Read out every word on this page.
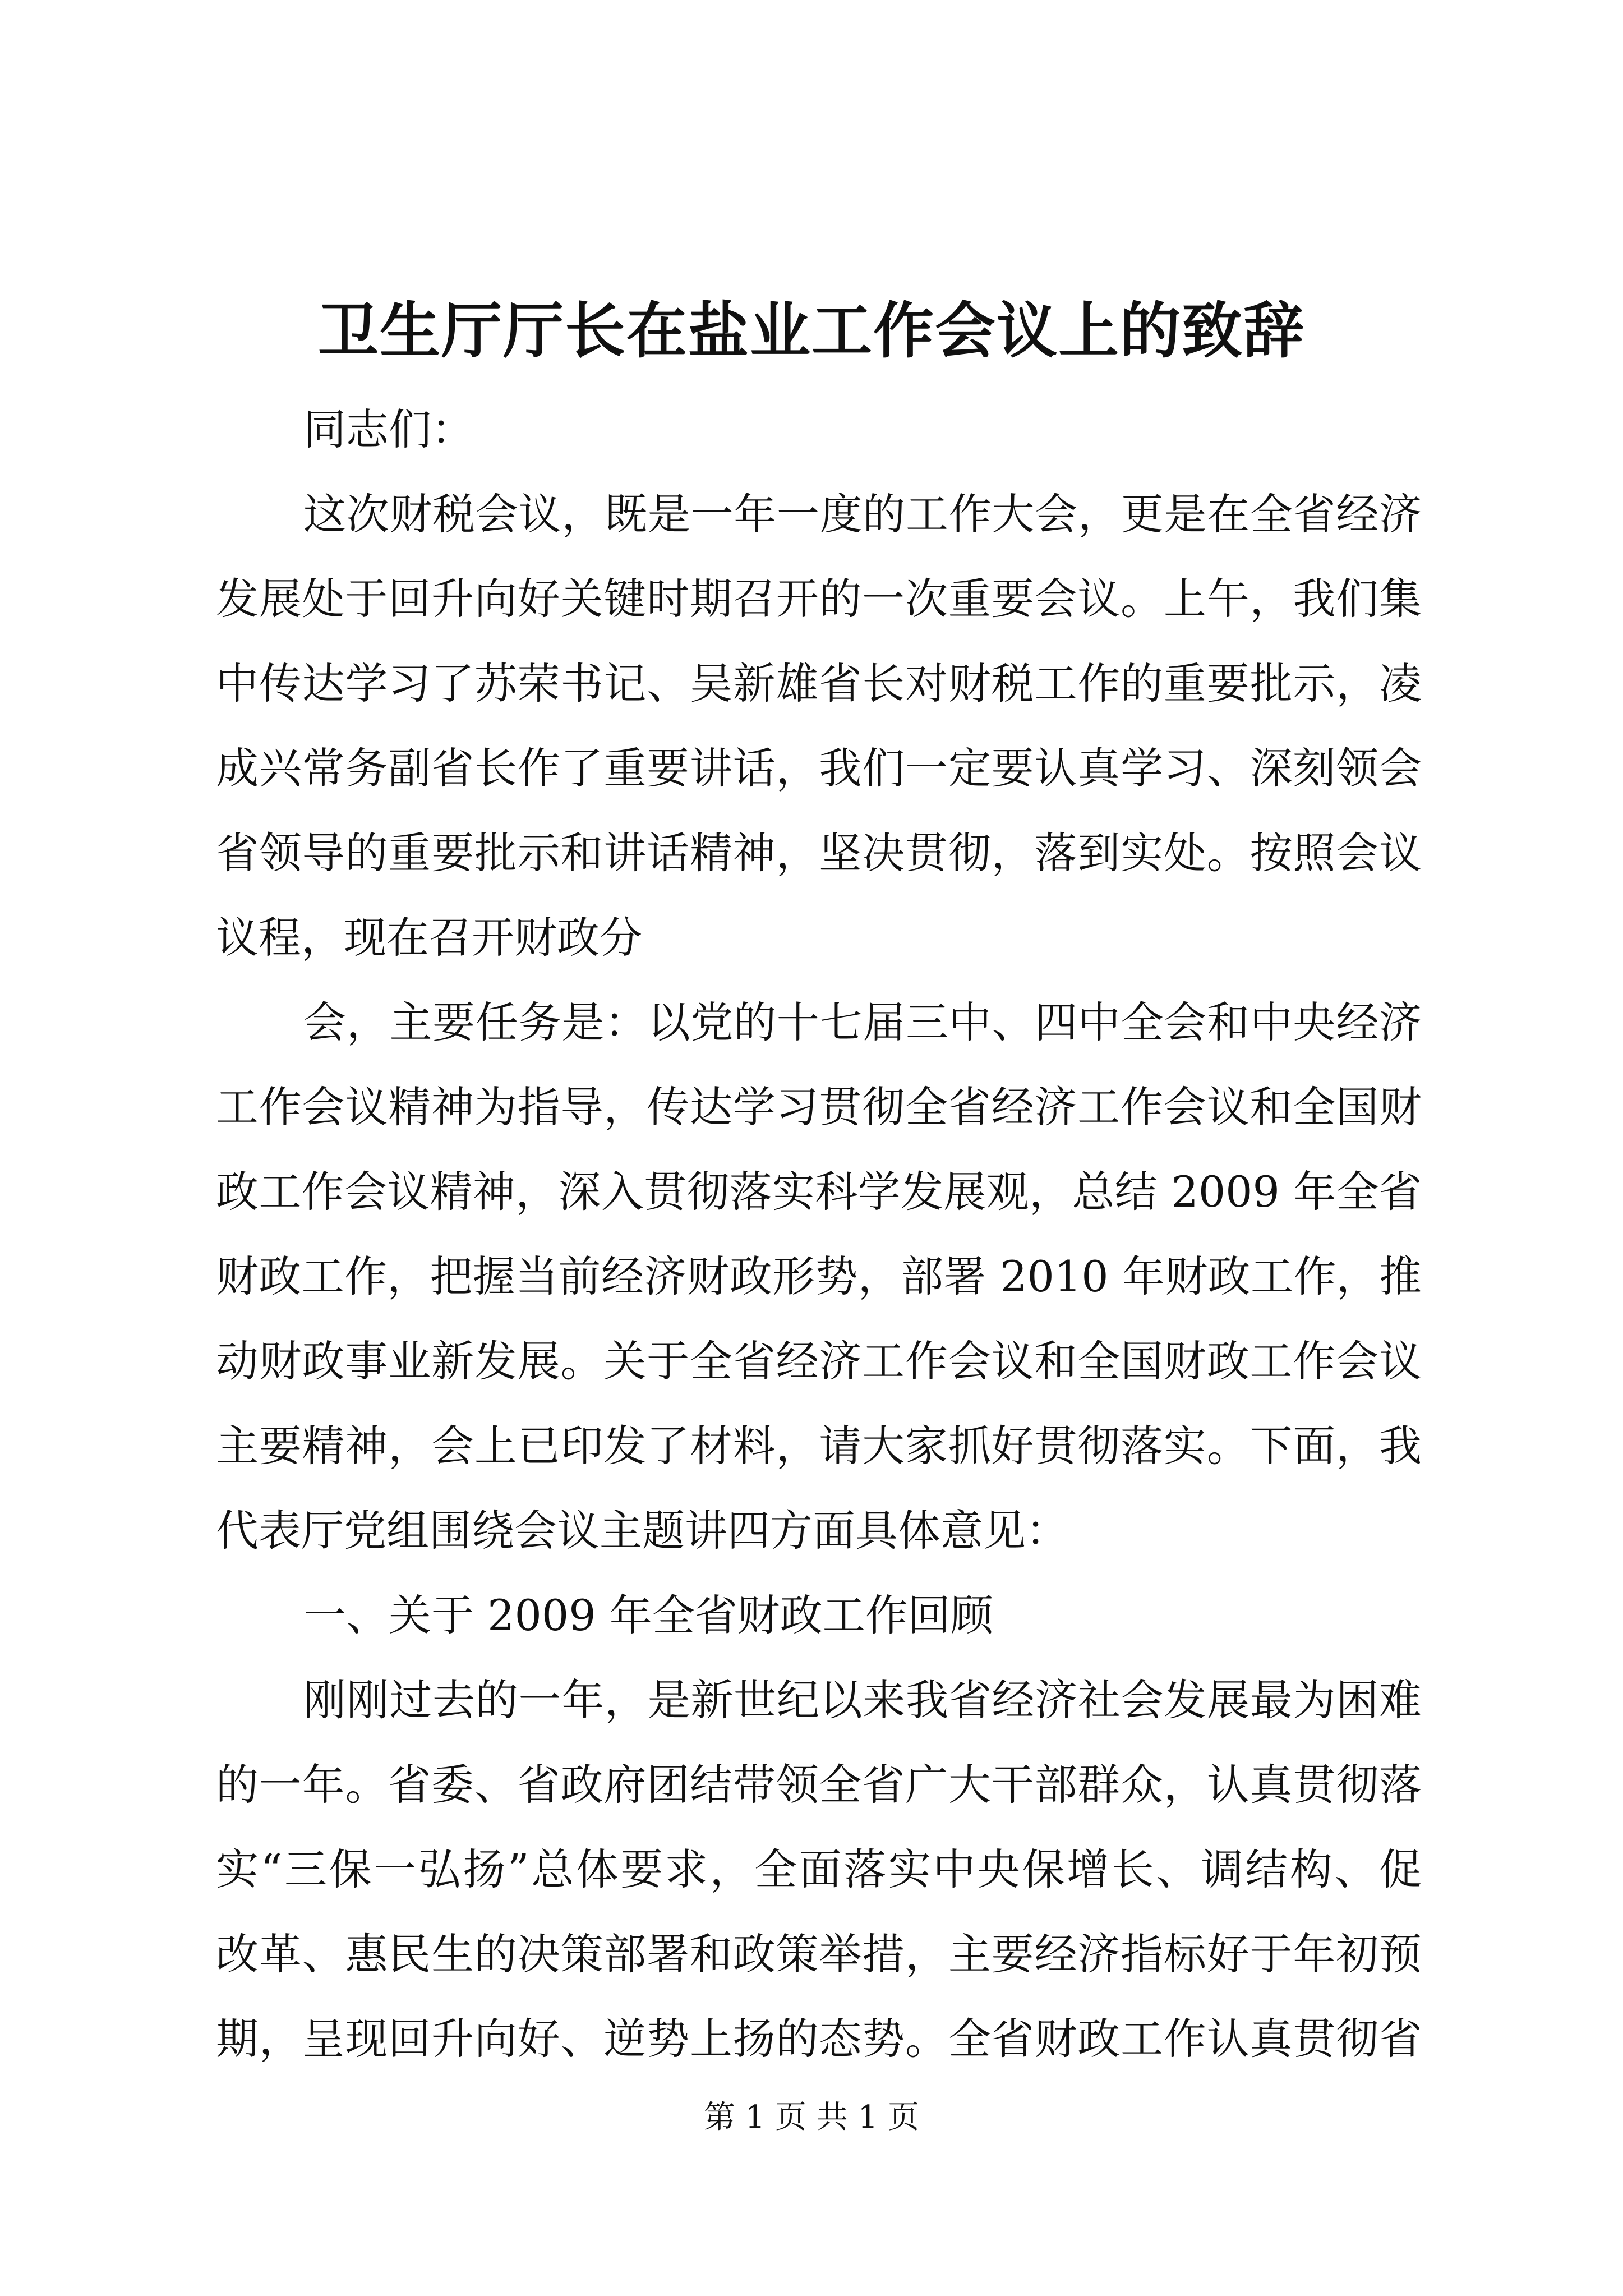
卫生厅厅长在盐业工作会议上的致辞
同志们：
这次财税会议，既是一年一度的工作大会，更是在全省经济
发展处于回升向好关键时期召开的一次重要会议。上午，我们集
中传达学习了苏荣书记、吴新雄省长对财税工作的重要批示，凌
成兴常务副省长作了重要讲话，我们一定要认真学习、深刻领会
省领导的重要批示和讲话精神，坚决贯彻，落到实处。按照会议
议程，现在召开财政分
会，主要任务是：以党的十七届三中、四中全会和中央经济
工作会议精神为指导，传达学习贯彻全省经济工作会议和全国财
政工作会议精神，深入贯彻落实科学发展观，总结 2009 年全省
财政工作，把握当前经济财政形势，部署 2010 年财政工作，推
动财政事业新发展。关于全省经济工作会议和全国财政工作会议
主要精神，会上已印发了材料，请大家抓好贯彻落实。下面，我
代表厅党组围绕会议主题讲四方面具体意见：
一、关于 2009 年全省财政工作回顾
刚刚过去的一年，是新世纪以来我省经济社会发展最为困难
的一年。省委、省政府团结带领全省广大干部群众，认真贯彻落
实“三保一弘扬”总体要求，全面落实中央保增长、调结构、促
改革、惠民生的决策部署和政策举措，主要经济指标好于年初预
期，呈现回升向好、逆势上扬的态势。全省财政工作认真贯彻省
第 1 页 共 1 页
